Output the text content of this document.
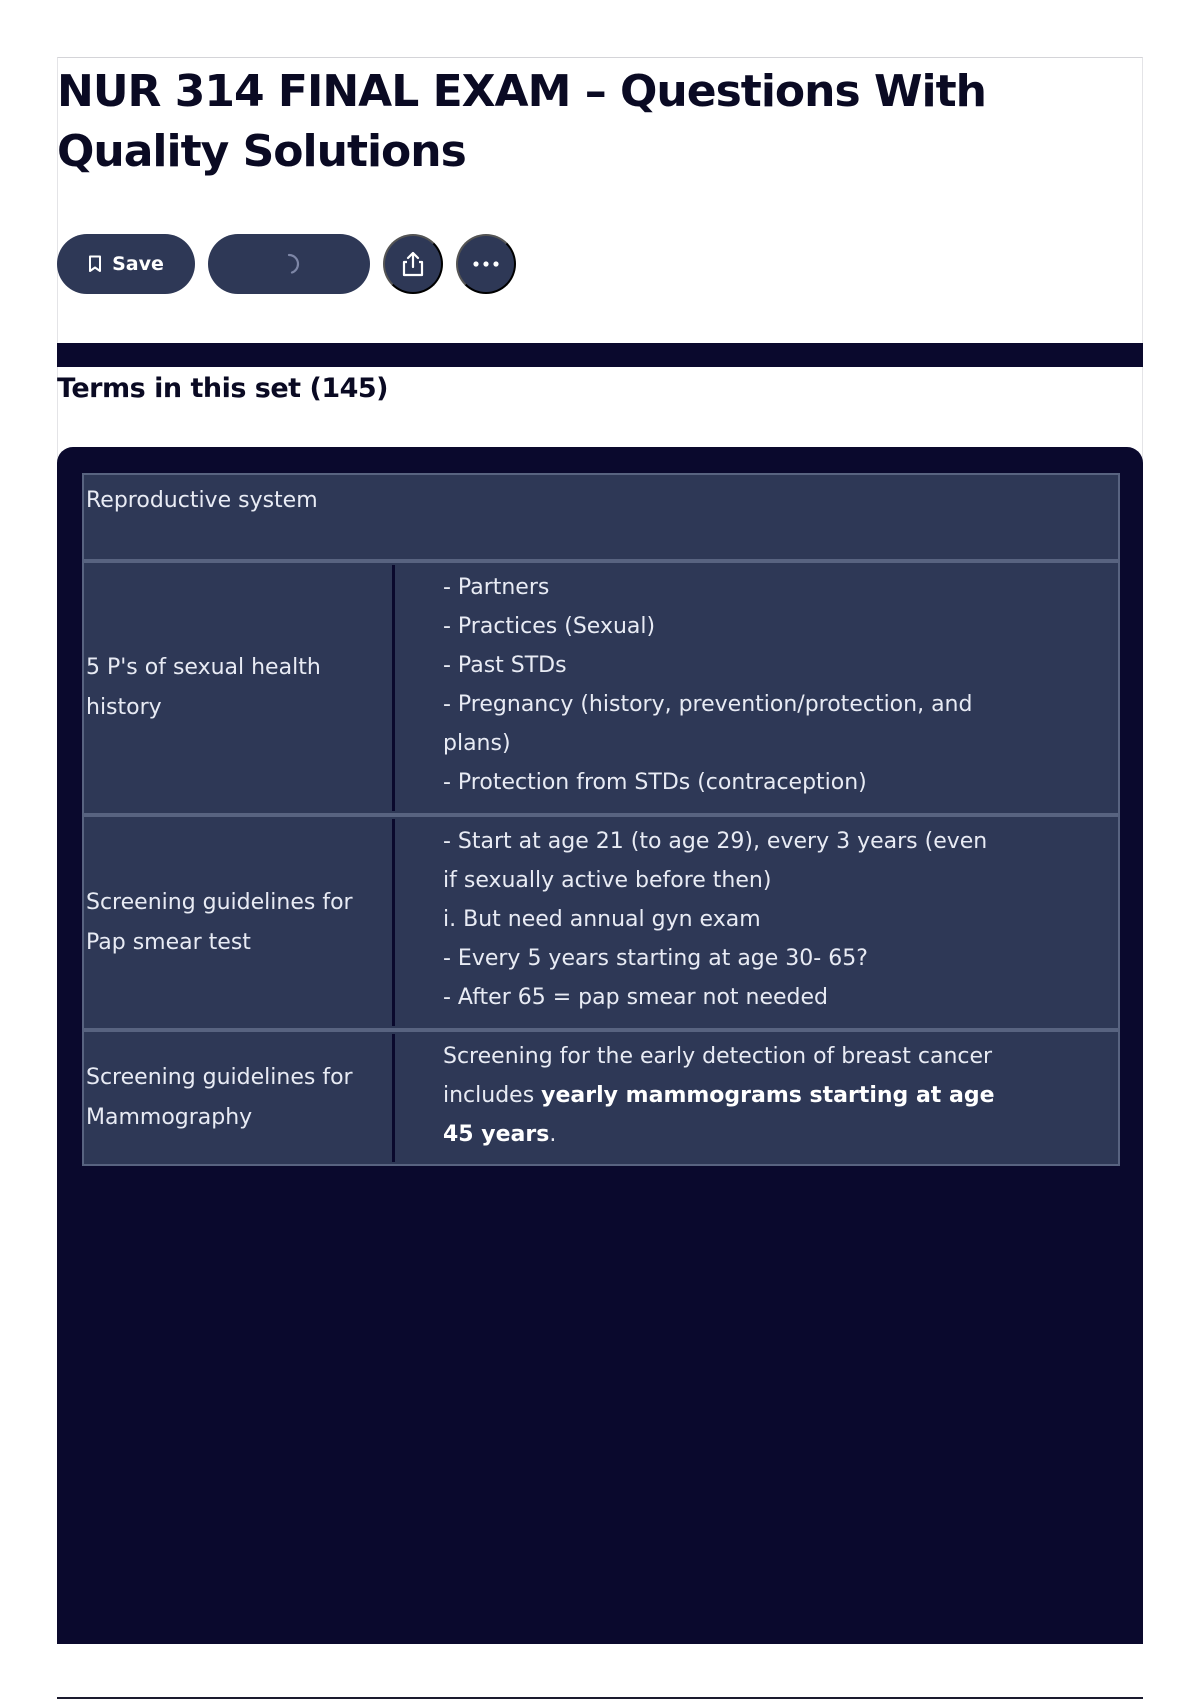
NUR 314 FINAL EXAM – Questions With Quality Solutions
Save
Terms in this set (145)
Reproductive system
5 P's of sexual health history
- Partners
- Practices (Sexual)
- Past STDs
- Pregnancy (history, prevention/protection, and plans)
- Protection from STDs (contraception)
Screening guidelines for Pap smear test
- Start at age 21 (to age 29), every 3 years (even if sexually active before then)
i. But need annual gyn exam
- Every 5 years starting at age 30- 65?
- After 65 = pap smear not needed
Screening guidelines for Mammography
Screening for the early detection of breast cancer includes yearly mammograms starting at age 45 years.
